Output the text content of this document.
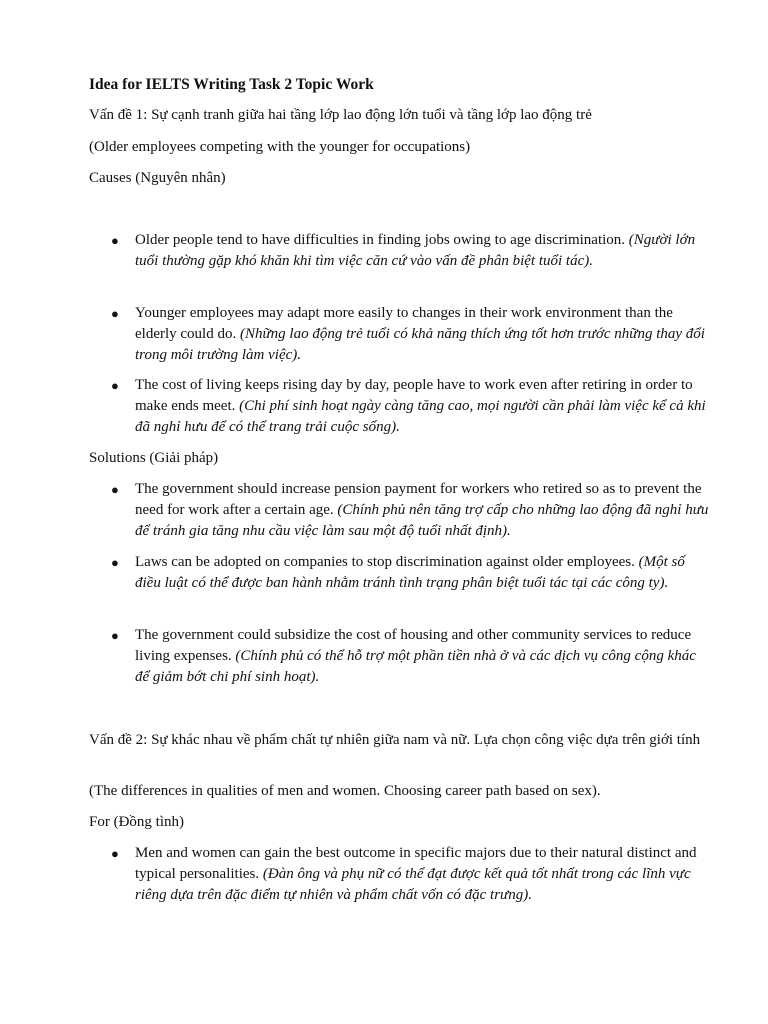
Idea for IELTS Writing Task 2 Topic Work

Vấn đề 1: Sự cạnh tranh giữa hai tầng lớp lao động lớn tuổi và tầng lớp lao động trẻ

(Older employees competing with the younger for occupations)

Causes (Nguyên nhân)

● Older people tend to have difficulties in finding jobs owing to age discrimination. (Người lớn tuổi thường gặp khó khăn khi tìm việc căn cứ vào vấn đề phân biệt tuổi tác).
● Younger employees may adapt more easily to changes in their work environment than the elderly could do. (Những lao động trẻ tuổi có khả năng thích ứng tốt hơn trước những thay đổi trong môi trường làm việc).
● The cost of living keeps rising day by day, people have to work even after retiring in order to make ends meet. (Chi phí sinh hoạt ngày càng tăng cao, mọi người cần phải làm việc kể cả khi đã nghỉ hưu để có thể trang trải cuộc sống).

Solutions (Giải pháp)

● The government should increase pension payment for workers who retired so as to prevent the need for work after a certain age. (Chính phủ nên tăng trợ cấp cho những lao động đã nghỉ hưu để tránh gia tăng nhu cầu việc làm sau một độ tuổi nhất định).
● Laws can be adopted on companies to stop discrimination against older employees. (Một số điều luật có thể được ban hành nhằm tránh tình trạng phân biệt tuổi tác tại các công ty).
● The government could subsidize the cost of housing and other community services to reduce living expenses. (Chính phủ có thể hỗ trợ một phần tiền nhà ở và các dịch vụ công cộng khác để giảm bớt chi phí sinh hoạt).

Vấn đề 2: Sự khác nhau về phẩm chất tự nhiên giữa nam và nữ. Lựa chọn công việc dựa trên giới tính

(The differences in qualities of men and women. Choosing career path based on sex).

For (Đồng tình)

● Men and women can gain the best outcome in specific majors due to their natural distinct and typical personalities. (Đàn ông và phụ nữ có thể đạt được kết quả tốt nhất trong các lĩnh vực riêng dựa trên đặc điểm tự nhiên và phẩm chất vốn có đặc trưng).
